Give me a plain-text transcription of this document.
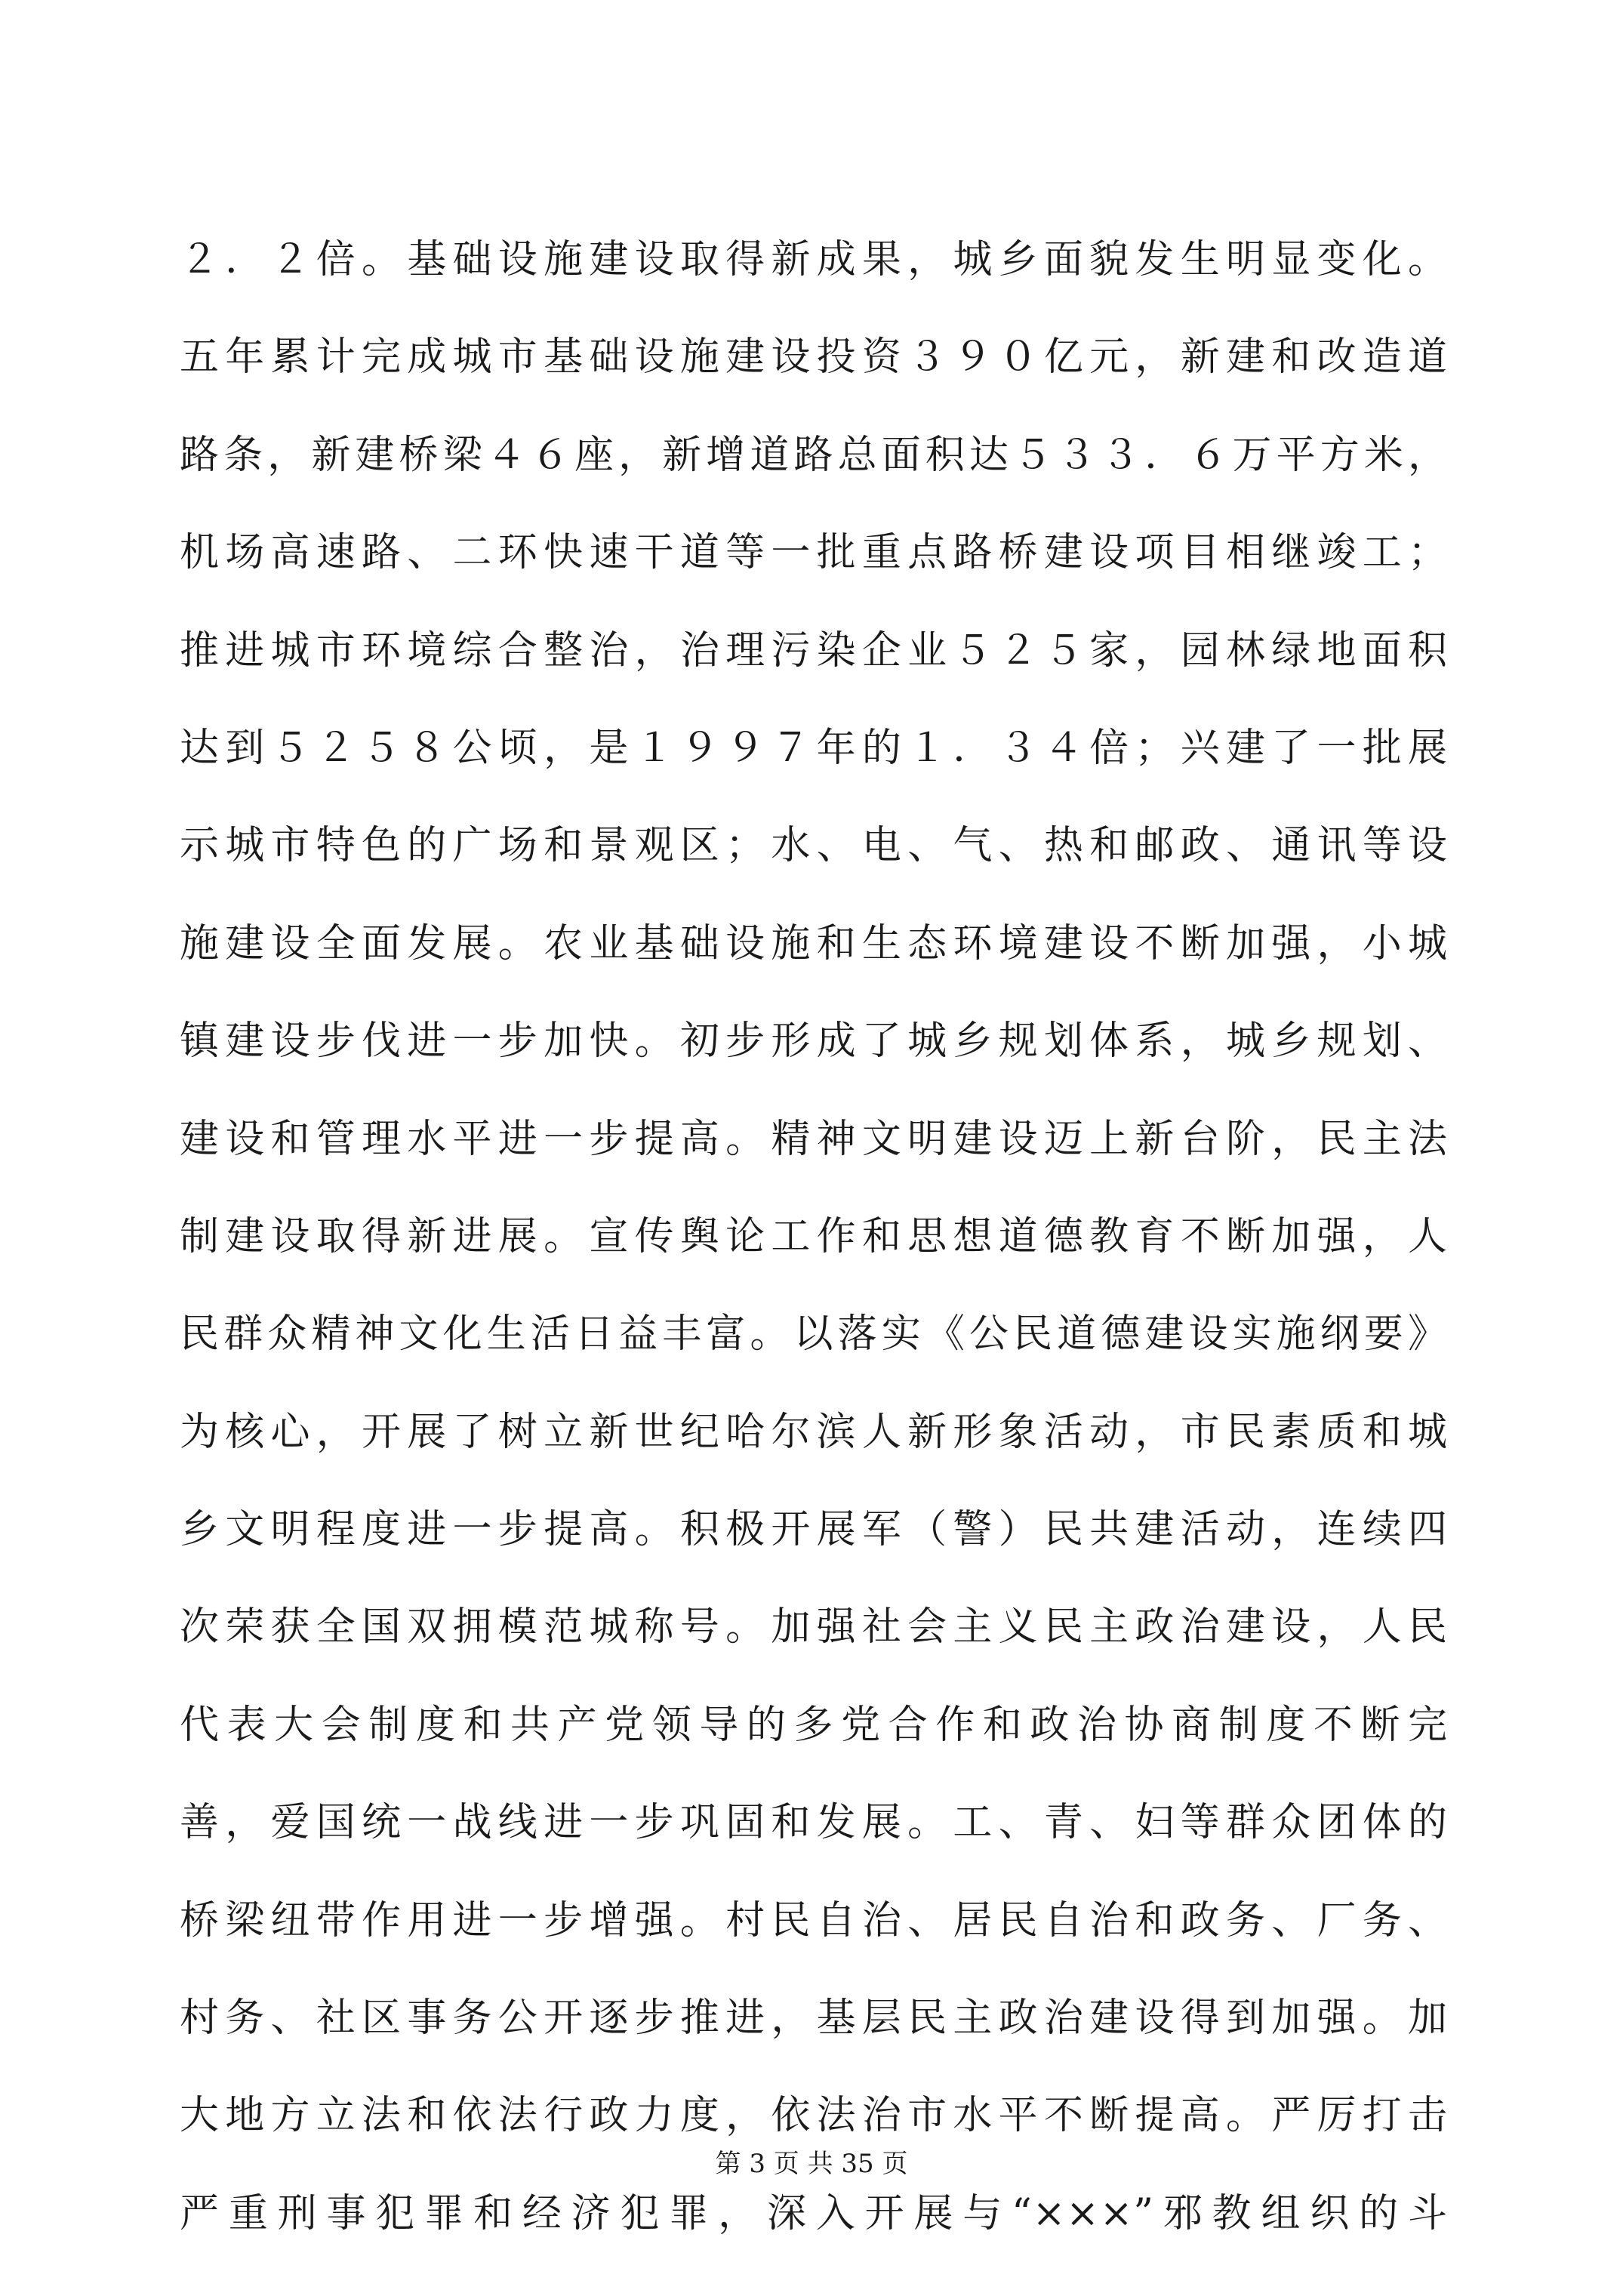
２．２倍。基础设施建设取得新成果，城乡面貌发生明显变化。
五年累计完成城市基础设施建设投资３９０亿元，新建和改造道
路条，新建桥梁４６座，新增道路总面积达５３３．６万平方米，
机场高速路、二环快速干道等一批重点路桥建设项目相继竣工；
推进城市环境综合整治，治理污染企业５２５家，园林绿地面积
达到５２５８公顷，是１９９７年的１．３４倍；兴建了一批展
示城市特色的广场和景观区；水、电、气、热和邮政、通讯等设
施建设全面发展。农业基础设施和生态环境建设不断加强，小城
镇建设步伐进一步加快。初步形成了城乡规划体系，城乡规划、
建设和管理水平进一步提高。精神文明建设迈上新台阶，民主法
制建设取得新进展。宣传舆论工作和思想道德教育不断加强，人
民群众精神文化生活日益丰富。以落实《公民道德建设实施纲要》
为核心，开展了树立新世纪哈尔滨人新形象活动，市民素质和城
乡文明程度进一步提高。积极开展军（警）民共建活动，连续四
次荣获全国双拥模范城称号。加强社会主义民主政治建设，人民
代表大会制度和共产党领导的多党合作和政治协商制度不断完
善，爱国统一战线进一步巩固和发展。工、青、妇等群众团体的
桥梁纽带作用进一步增强。村民自治、居民自治和政务、厂务、
村务、社区事务公开逐步推进，基层民主政治建设得到加强。加
大地方立法和依法行政力度，依法治市水平不断提高。严厉打击
严重刑事犯罪和经济犯罪，深入开展与“×××”邪教组织的斗
第 3 页 共 35 页
